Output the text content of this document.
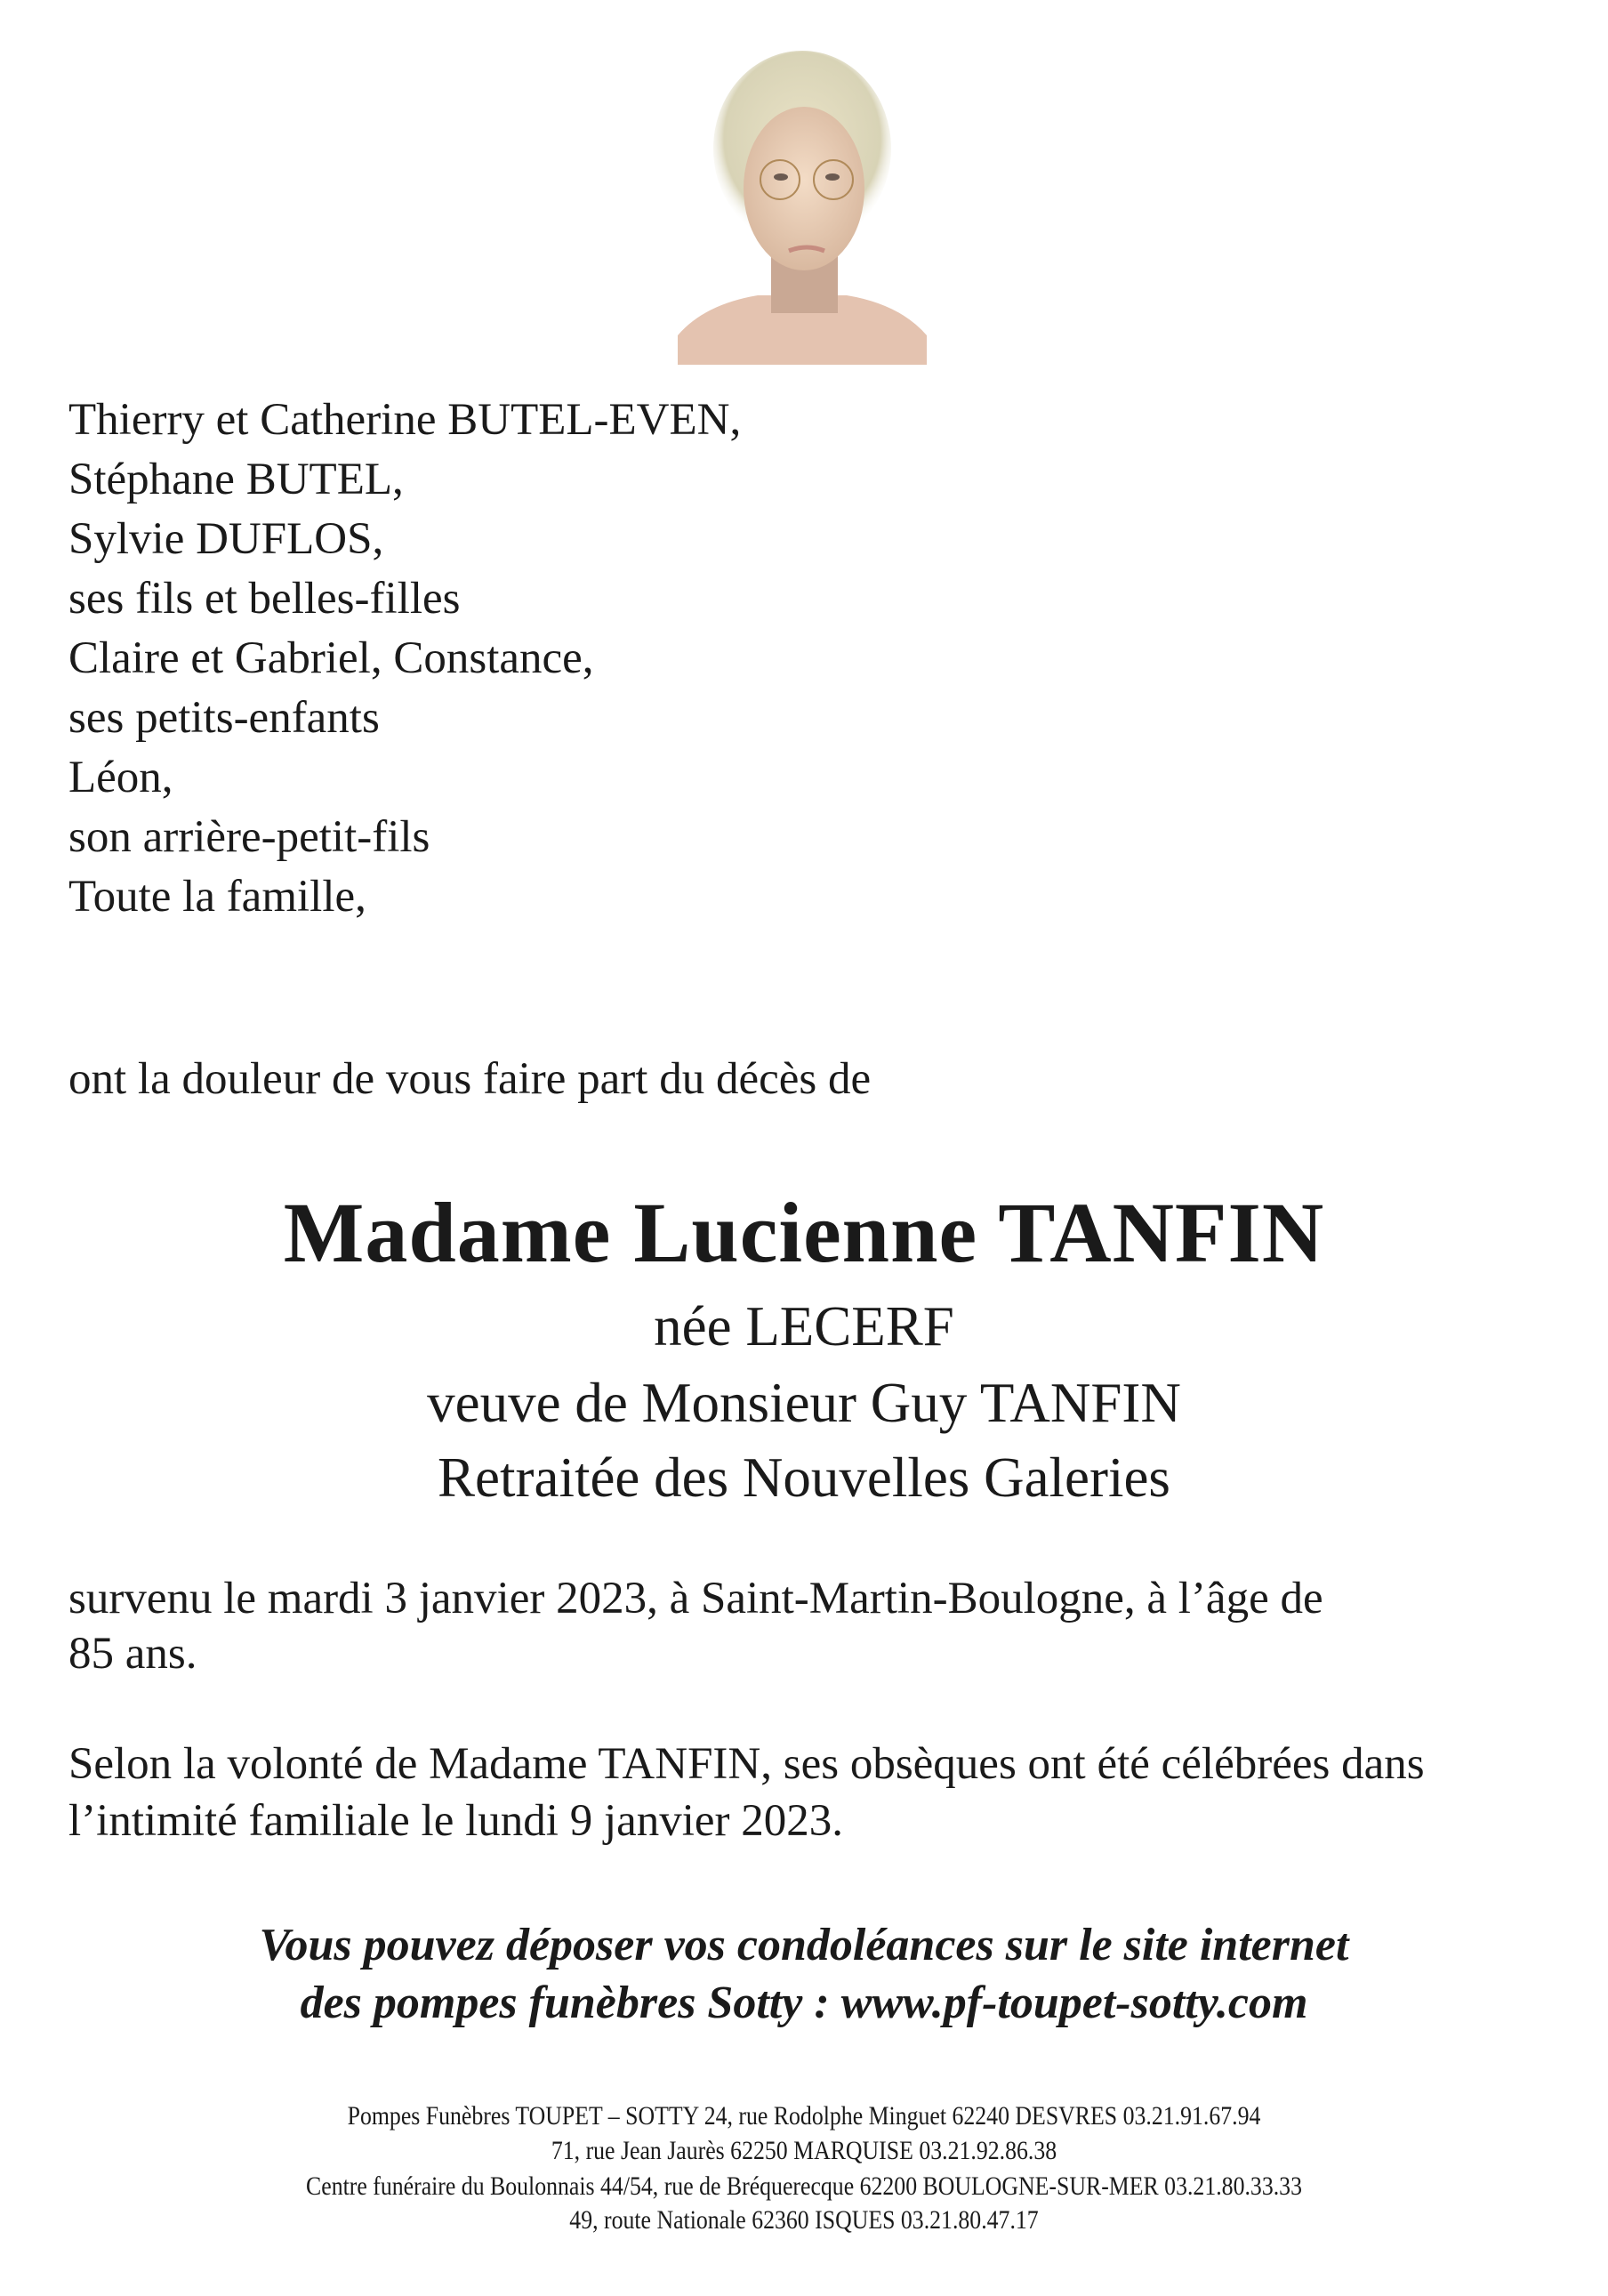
Thierry et Catherine BUTEL-EVEN,
Stéphane BUTEL,
Sylvie DUFLOS,
ses fils et belles-filles
Claire et Gabriel, Constance,
ses petits-enfants
Léon,
son arrière-petit-fils
Toute la famille,
ont la douleur de vous faire part du décès de
Madame Lucienne TANFIN
née LECERF
veuve de Monsieur Guy TANFIN
Retraitée des Nouvelles Galeries
survenu le mardi 3 janvier 2023, à Saint-Martin-Boulogne, à l’âge de
85 ans.
Selon la volonté de Madame TANFIN, ses obsèques ont été célébrées dans
l’intimité familiale le lundi 9 janvier 2023.
Vous pouvez déposer vos condoléances sur le site internet
des pompes funèbres Sotty : www.pf-toupet-sotty.com
Pompes Funèbres TOUPET – SOTTY 24, rue Rodolphe Minguet 62240 DESVRES 03.21.91.67.94
71, rue Jean Jaurès 62250 MARQUISE 03.21.92.86.38
Centre funéraire du Boulonnais 44/54, rue de Bréquerecque 62200 BOULOGNE-SUR-MER 03.21.80.33.33
49, route Nationale 62360 ISQUES 03.21.80.47.17
